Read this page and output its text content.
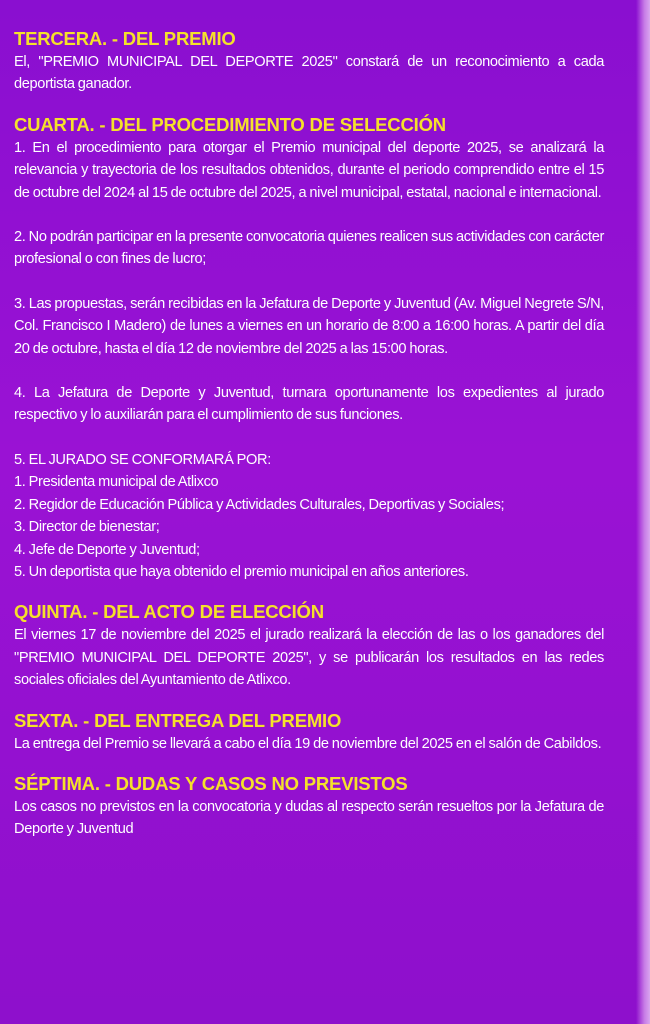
TERCERA. - DEL PREMIO

El, "PREMIO MUNICIPAL DEL DEPORTE 2025" constará de un reconocimiento a cada deportista ganador.

CUARTA. - DEL PROCEDIMIENTO DE SELECCIÓN

1. En el procedimiento para otorgar el Premio municipal del deporte 2025, se analizará la relevancia y trayectoria de los resultados obtenidos, durante el periodo comprendido entre el 15 de octubre del 2024 al 15 de octubre del 2025, a nivel municipal, estatal, nacional e internacional.

2. No podrán participar en la presente convocatoria quienes realicen sus actividades con carácter profesional o con fines de lucro;

3. Las propuestas, serán recibidas en la Jefatura de Deporte y Juventud (Av. Miguel Negrete S/N, Col. Francisco I Madero) de lunes a viernes en un horario de 8:00 a 16:00 horas. A partir del día 20 de octubre, hasta el día 12 de noviembre del 2025 a las 15:00 horas.

4. La Jefatura de Deporte y Juventud, turnara oportunamente los expedientes al jurado respectivo y lo auxiliarán para el cumplimiento de sus funciones.

5. EL JURADO SE CONFORMARÁ POR:
1. Presidenta municipal de Atlixco
2. Regidor de Educación Pública y Actividades Culturales, Deportivas y Sociales;
3. Director de bienestar;
4. Jefe de Deporte y Juventud;
5. Un deportista que haya obtenido el premio municipal en años anteriores.
QUINTA. - DEL ACTO DE ELECCIÓN

El viernes 17 de noviembre del 2025 el jurado realizará la elección de las o los ganadores del "PREMIO MUNICIPAL DEL DEPORTE 2025", y se publicarán los resultados en las redes sociales oficiales del Ayuntamiento de Atlixco.

SEXTA. - DEL ENTREGA DEL PREMIO

La entrega del Premio se llevará a cabo el día 19 de noviembre del 2025 en el salón de Cabildos.

SÉPTIMA. - DUDAS Y CASOS NO PREVISTOS

Los casos no previstos en la convocatoria y dudas al respecto serán resueltos por la Jefatura de Deporte y Juventud
